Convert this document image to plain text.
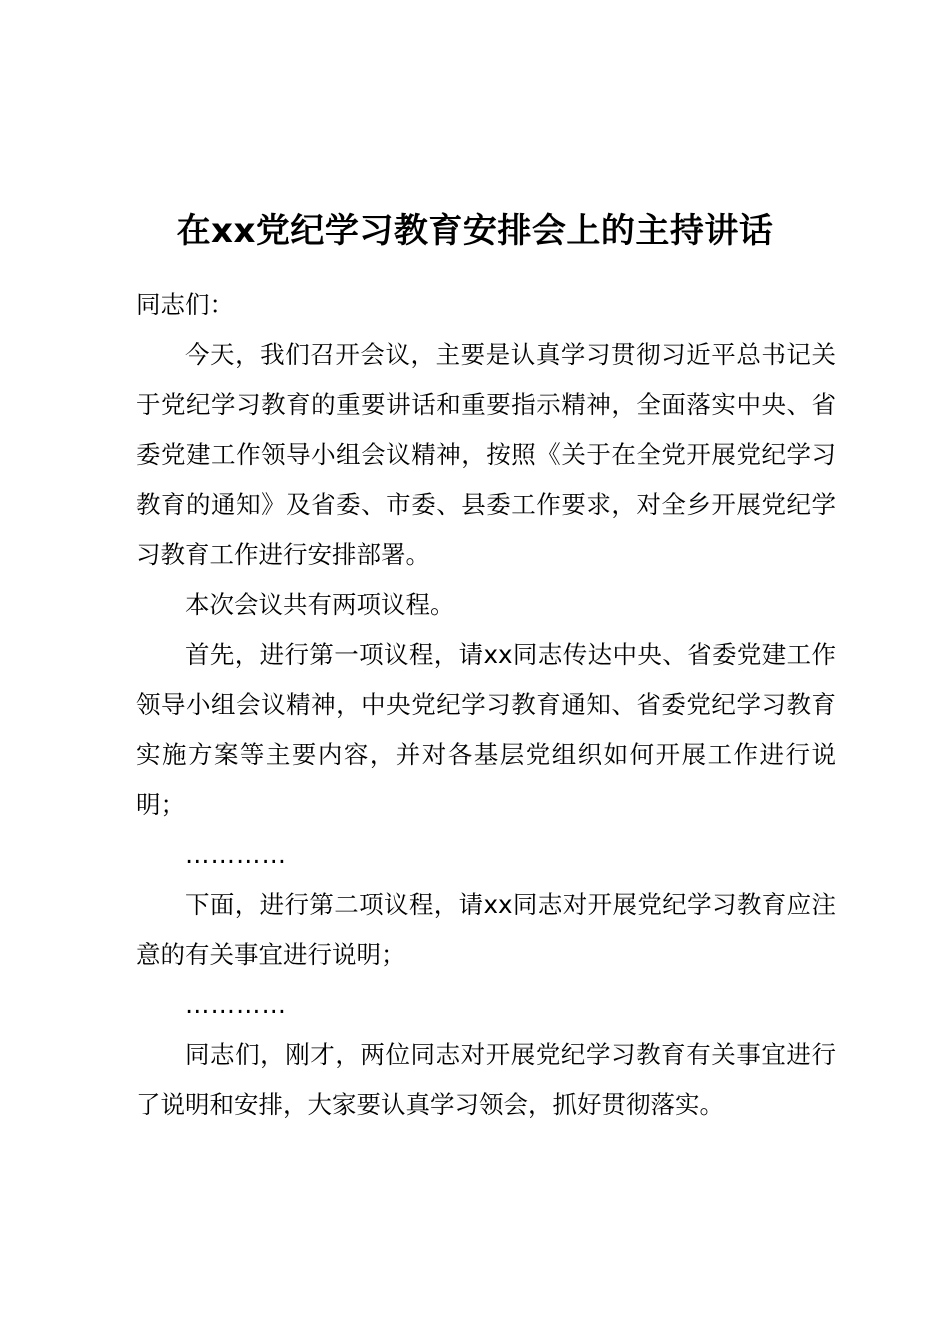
在xx党纪学习教育安排会上的主持讲话

同志们：

今天，我们召开会议，主要是认真学习贯彻习近平总书记关于党纪学习教育的重要讲话和重要指示精神，全面落实中央、省委党建工作领导小组会议精神，按照《关于在全党开展党纪学习教育的通知》及省委、市委、县委工作要求，对全乡开展党纪学习教育工作进行安排部署。

本次会议共有两项议程。

首先，进行第一项议程，请xx同志传达中央、省委党建工作领导小组会议精神，中央党纪学习教育通知、省委党纪学习教育实施方案等主要内容，并对各基层党组织如何开展工作进行说明；

…………

下面，进行第二项议程，请xx同志对开展党纪学习教育应注意的有关事宜进行说明；

…………

同志们，刚才，两位同志对开展党纪学习教育有关事宜进行了说明和安排，大家要认真学习领会，抓好贯彻落实。
